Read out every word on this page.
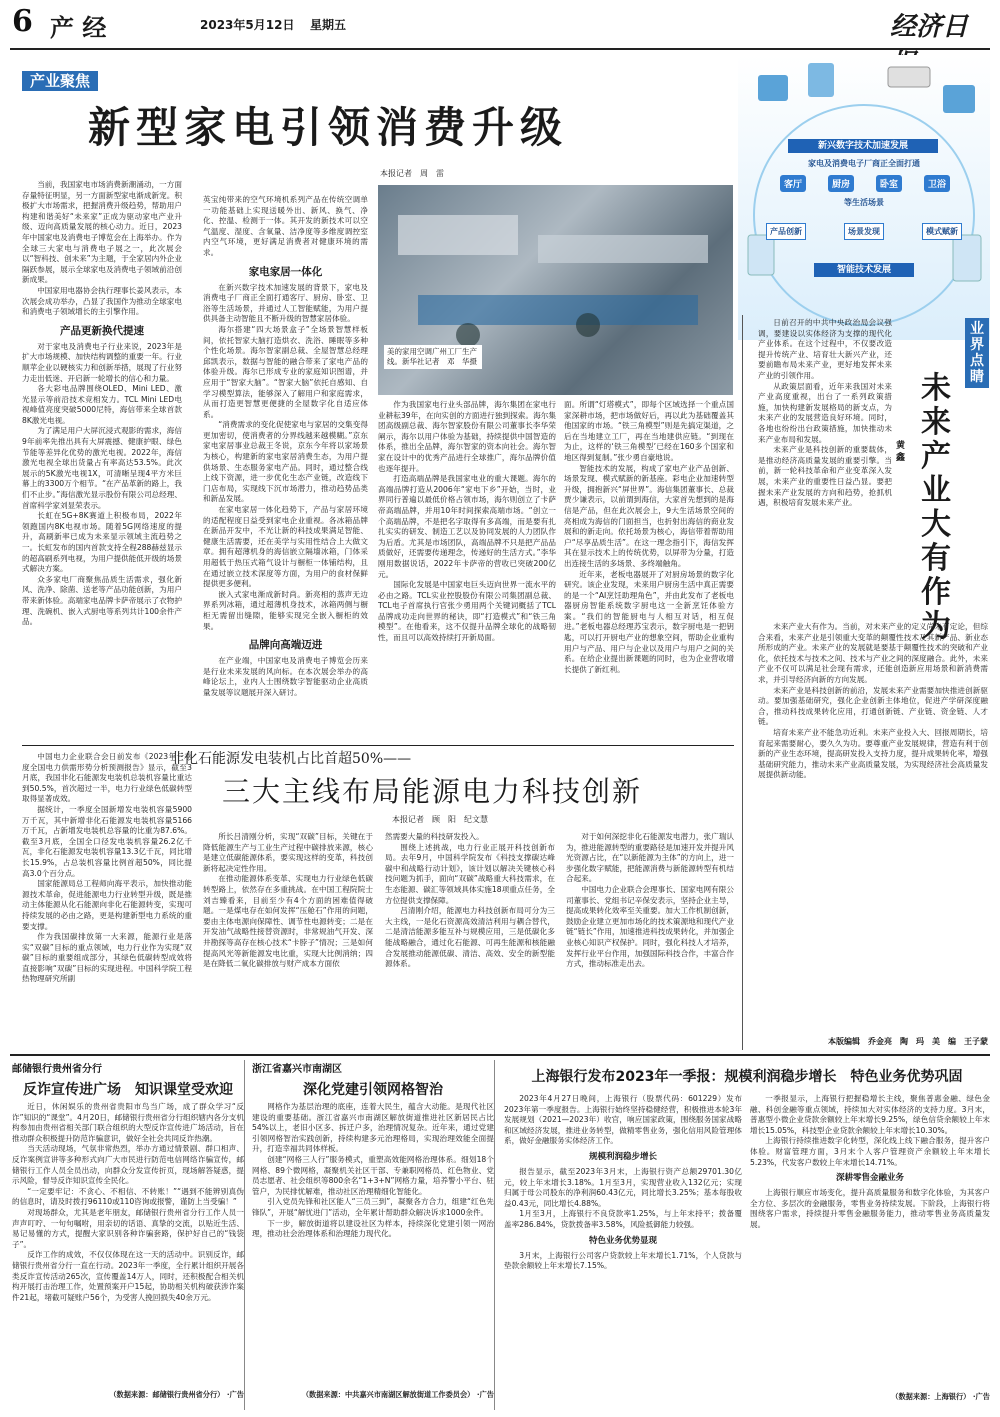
6 产 经	2023年5月12日 星期五	经济日
产业聚焦
新型家电引领消费升级
本报记者　周　雷
新兴数字技术加速发展
家电及消费电子厂商正全面打通
客厅	厨房	卧室	卫浴
等生活场景
产品创新	场景发现	模式赋新
智能技术发展
美的家用空调广州工厂生产线。新华社记者　邓　华摄

当前，我国家电市场消费新潮涌动，一方面存量特征明显，另一方面新型家电渐成新宠。积极扩大市场需求，把握消费升级趋势，帮助用户构建和谐美好“未来家”正成为驱动家电产业升级、迈向高质量发展的核心动力。近日，2023年中国家电及消费电子博览会在上海举办。作为全球三大家电与消费电子展之一，此次展会以“智科技、创未来”为主题，于全家居内外企业隔跃参展，展示全球家电及消费电子领域前沿创新成果。

中国家用电器协会执行理事长姜风表示，本次展会成功举办，凸显了我国作为推动全球家电和消费电子领域增长的主引擎作用。

产品更新换代提速

对于家电及消费电子行业来说，2023年是扩大市场规模、加快结构调整的重要一年。行业顺苹企业以硬核实力和创新举措，展现了行业努力走出低迷、开启新一轮增长的信心和力量。

各大彩电品牌围绕OLED、Mini LED、激光显示等前沿技术竞相发力。TCL Mini LED电视峰值亮度突破5000尼特，海信带来全球首款8K激光电视。

为了满足用户大屏沉浸式观影的需求，海信9年前率先推出具有大屏震撼、健康护眼、绿色节能等差异化优势的激光电视。2022年，海信激光电视全球出货量占有率高达53.5%。此次展示的5K激光电视1X，可清晰呈现4平方米巨幕上的3300万个相节。“在产品革新的路上，我们不止步。”海信激光显示股份有限公司总经理、首席科学家刘显荣表示。

长虹在5G+8K赛道上积极布局，2022年领跑国内8K电视市场。随着5G网络速度的提升，高刷新率已成为未来显示领域主流趋势之一。长虹发布的国内首款支持全程288赫兹显示的超高刷系列电视，为用户提供能低开级的场景式解决方案。

众多家电厂商聚焦品质生活需求，强化新风、洗净、除菌、送老等产品功能创新，为用户带来新体验。高端家电品牌卡萨帝展示了衣物护理、洗碗机、嵌入式厨电等系列共计100余件产品。

英宝纯带来的空气环境机系列产品在传统空调单一功能基础上实现送暖外出、新风、换气、净化、控温、检测于一体。其开发的新技术可以空气温度、湿度、含氧量、洁净度等多维度调控室内空气环境，更好满足消费者对健康环境的需求。

家电家居一体化

在新兴数字技术加速发展的背景下，家电及消费电子厂商正全面打通客厅、厨房、卧室、卫浴等生活场景，并通过人工智能赋能，为用户提供具备主动智能且不断升级的智慧家居体验。

海尔搭建“四大场景盒子”全场景智慧样板间，依托智家大脑打造烘衣、洗浴、睡眠等多种个性化场景。海尔智家副总裁、全屋智慧总经理邱凯表示，数据与智能的融合带来了家电产品的体验升级。海尔已形成专业的家庭知识图谱，并应用于“智家大脑”。“智家大脑”依托自感知、自学习模型算法，能够深入了解用户和家庭需求，从而打造更智慧更便捷的全屋数字化自适应体系。

“消费需求的变化促使家电与家居的交集变得更加密切，使消费者的分界线越来越模糊。”京东家电家居事业总裁王冬说，京东今年将以家场景为核心，构建新的家电家居消费生态，为用户提供场景、生态服务家电产品。同时，通过整合线上线下资源，进一步优化生态产业链，改造线下门店布局，实现线下沉市场潜力，推动趋势品类和新品发展。

在家电家居一体化趋势下，产品与家居环境的适配程度日益受到家电企业重视。各冰箱品牌在新品开发中，不光让新的科技成果满足智能、健康生活需要，还在美学与实用性结合上大做文章。拥有超薄机身的海信嵌立隔墙冰箱，门体采用超低于热压式箱气设计与橱柜一体铺结构，且在通过嵌立技术深度等方面，为用户的食材保鲜提供更多便利。

嵌入式家电渐成新时尚。新亮相的蒸声无边界系列冰箱，通过超薄机身技术，冰箱两侧与橱柜无需留出缝隙，能够实现完全嵌入橱柜的效果。

品牌向高端迈进

在产业端，中国家电及消费电子博览会历来是行业未来发展的风向标。在本次展会举办的高峰论坛上，业内人士围绕数字智能驱动企业高质量发展等议题展开深入研讨。

作为我国家电行业头部品牌，海尔集团在家电行业耕耘39年，在向实创的方面进行独到探索。海尔集团高级副总裁、海尔智家股份有限公司董事长李华荣阐示，海尔以用户体验为基础，持续提供中国智造的体系，推出全品牌，海尔智家的资本向社会。海尔智家在设计中的优秀产品进行全球推广，海尔品牌价值也逐年提升。

打造高端品牌是我国家电业的重大课题。海尔的高端品牌打造从2006年“家电下乡”开始，当时，业界同行普遍以最低价格占领市场，海尔则创立了卡萨帝高端品牌，并用10年时间探索高端市场。“创立一个高端品牌，不是把名字取得有多高端，而是要有扎扎实实的研发、制造工艺以及协同发展的人力团队作为后盾。尤其是市场团队，高端品牌不只是把产品品质做好，还需要传递理念，传递好的生活方式。”李华刚用数据说话，2022年卡萨帝的营收已突破200亿元。

国际化发展是中国家电巨头迈向世界一流水平的必由之路。TCL实业控股股份有限公司集团副总裁、TCL电子首席执行官张少勇用两个关键词概括了TCL品牌成功走向世界的秘诀，即“打造模式”和“铁三角模型”。在他看来，这不仅提升品牌全球化的战略韧性，而且可以高效持续打开新局面。

面。所谓“灯塔模式”，即每个区域选择一个重点国家深耕市场，把市场做好后，再以此为基础覆盖其他国家的市场。“铁三角模型”则是先搞定渠道，之后在当地建立工厂，再在当地建供应链。“到现在为止，这样的‘铁三角模型’已经在160多个国家和地区得到复制。”张少勇自豪地说。

智能技术的发展，构成了家电产业产品创新、场景发现、模式赋新的新基座。彩电企业加速转型升级，拥抱新兴“屏世界”。海信集团董事长、总裁贾少谦表示，以前谓到海信，大家首先想到的是海信是产品，但在此次展会上，9大生活场景空间的亮相成为海信的门面担当，也折射出海信的商业发展和的新走向。依托场景为核心，海信带着帮助用户“尽享品质生活”。在这一理念指引下，海信发挥其在显示技术上的传统优势，以屏带为分量，打造出连接生活的多场景、多终端触角。

近年来，老板电器展开了对厨房场景的数字化研究。该企业发现，未来用户厨房生活中真正需要的是一个“AI烹饪助理角色”，并由此发布了老板电器厨房智能系统数字厨电这一全新烹饪体验方案。“我们的智能厨电与人相互对话，相互促进。”老板电器总经理苏宝表示，数字厨电是一把钥匙，可以打开厨电产业的想象空间，帮助企业重构用户与产品、用户与企业以及用户与用户之间的关系。在给企业提出新课题的同时，也为企业营收增长提供了新红利。

业界点睛
未来产业大有作为
黄　鑫

日前召开的中共中央政治局会议强调，要建设以实体经济为支撑的现代化产业体系。在这个过程中，不仅要改造提升传统产业、培育壮大新兴产业，还要前瞻布局未来产业，更好地发挥未来产业的引领作用。

从政策层面看，近年来我国对未来产业高度重视，出台了一系列政策措施，加快构建新发展格局的新支点，为未来产业的发展营造良好环境。同时，各地也纷纷出台政策措施，加快推动未来产业布局和发展。

未来产业是科技创新的重要载体，是推动经济高质量发展的重要引擎。当前，新一轮科技革命和产业变革深入发展，未来产业的重要性日益凸显。要把握未来产业发展的方向和趋势，抢抓机遇，积极培育发展未来产业。

未来产业大有作为。当前，对未来产业的定义尚未有定论，但综合来看，未来产业是引领重大变革的颠覆性技术及其新产品、新业态所形成的产业。未来产业的发展就是要基于颠覆性技术的突破和产业化，依托技术与技术之间、技术与产业之间的深度融合。此外，未来产业不仅可以满足社会现有需求，还能创造新应用场景和新消费需求，并引导经济向新的方向发展。

未来产业是科技创新的前沿，发展未来产业需要加快推进创新驱动。要加强基础研究，强化企业创新主体地位，促进产学研深度融合，推动科技成果转化应用，打通创新链、产业链、资金链、人才链。

培育未来产业不能急功近利。未来产业投入大、回报周期长，培育起来需要耐心，要久久为功。要尊重产业发展规律，营造有利于创新的产业生态环境，提高研发投入支持力度，提升成果转化率，增强基础研究能力，推动未来产业高质量发展，为实现经济社会高质量发展提供新动能。

本版编辑　乔金亮　陶　玛　美　编　王子蒙
非化石能源发电装机占比首超50%——
三大主线布局能源电力科技创新
本报记者　顾　阳　纪文慧

中国电力企业联合会日前发布《2023年一季度全国电力供需形势分析预测报告》显示，截至3月底，我国非化石能源发电装机总装机容量比重达到50.5%，首次超过一半，电力行业绿色低碳转型取得显著成效。

据统计，一季度全国新增发电装机容量5900万千瓦，其中新增非化石能源发电装机容量5166万千瓦，占新增发电装机总容量的比重为87.6%。截至3月底，全国全口径发电装机容量26.2亿千瓦，非化石能源发电装机容量13.3亿千瓦，同比增长15.9%，占总装机容量比例首超50%，同比提高3.0个百分点。

国家能源局总工程师向海平表示，加快推动能源技术革命，促进能源电力行业转型升级，既是推动主体能源从化石能源向非化石能源转变，实现可持续发展的必由之路，更是构建新型电力系统的重要支撑。

作为我国碳排放第一大来源，能源行业是落实“双碳”目标的重点领域，电力行业作为实现“双碳”目标的重要组成部分，其绿色低碳转型成效将直接影响“双碳”目标的实现进程。中国科学院工程热物理研究所副

所长吕清刚分析，实现“双碳”目标，关键在于降低能源生产与工业生产过程中碳排放来源，核心是建立低碳能源体系，要实现这样的变革，科技创新将起决定性作用。

在推动能源体系变革、实现电力行业绿色低碳转型路上，依然存在多重挑战。在中国工程院院士刘吉臻看来，目前至少有4个方面的困难值得破题。一是煤电存在如何发挥“压舱石”作用的问题，要由主体电源向保障性、调节性电源转变；二是在开发油气战略性接替资源时，非常规油气开发、深井勘探等高存在核心技术“卡脖子”情况；三是如何提高风光等新能源发电比重，实现大比例消纳；四是在降低二氧化碳排放与财产成本方面依

然需要大量的科技研发投入。

围绕上述挑战，电力行业正展开科技创新布局。去年9月，中国科学院发布《科技支撑碳达峰碳中和战略行动计划》，该计划以解决关键核心科技问题为抓手，面向“双碳”战略重大科技需求，在生态能源、碳汇等领域具体实施18项重点任务，全方位提供支撑保障。

吕清刚介绍，能源电力科技创新布局可分为三大主线，一是化石资源高效清洁利用与耦合替代，二是清洁能源多能互补与规模应用，三是低碳化多能战略融合，通过化石能源、可再生能源和核能融合发展推动能源低碳、清洁、高效、安全的新型能源体系。

对于如何深挖非化石能源发电潜力，张广瑞认为，推进能源转型的重要路径是加速开发并提升风光资源占比，在“以新能源为主体”的方向上，进一步强化数字赋能，把能源消费与新能源转型有机结合起来。

中国电力企业联合会理事长、国家电网有限公司董事长、党组书记辛保安表示，坚持企业主导，提高成果转化效率至关重要。加大工作机制创新，鼓励企业建立更加市场化的技术策源地和现代产业链“链长”作用，加速推进科技成果转化，并加强企业核心知识产权保护。同时，强化科技人才培养，发挥行业平台作用，加强国际科技合作，丰富合作方式，推动标准走出去。

邮储银行贵州省分行
反诈宣传进广场　知识课堂受欢迎

近日，休闲娱乐的贵州省贵阳市鸟当广场，成了群众学习“反诈”知识的“课堂”。4月20日，邮储银行贵州省分行组织辖内各分支机构参加由贵州省相关部门联合组织的大型反诈宣传进广场活动，旨在推动群众积极提升防范诈骗意识，做好全社会共同反诈热潮。

当天活动现场，气氛非常热烈，举办方通过情景剧、群口相声、反诈案例宣讲等多种形式向广大市民进行防范电信网络诈骗宣传，邮储银行工作人员全员出动，向群众分发宣传折页，现场解答疑惑，提示风险，督导反诈知识宣传全民化。

“一定要牢记：不贪心、不相信、不转账！”“遇到不能辨别真伪的信息时，请及时拨打96110或110咨询或报警，谨防上当受骗！”

对现场群众，尤其是老年朋友，邮储银行贵州省分行工作人员一声声叮咛、一句句嘱咐，用亲切的话语、真挚的交流，以贴近生活、易记易懂的方式，提醒大家识别各种诈骗套路，保护好自己的“钱袋子”。

反诈工作的成效，不仅仅体现在这一天的活动中。识别反诈，邮储银行贵州省分行一直在行动。2023年一季度，全行累计组织开展各类反诈宣传活动265次，宣传覆盖14万人，同时，还积极配合相关机构开展打击治理工作，处置预案开户15起，协助相关机构破获涉诈案件21起，堵截可疑账户56个，为受害人挽回损失40余万元。

（数据来源：邮储银行贵州省分行） ·广告
浙江省嘉兴市南湖区
深化党建引领网格智治

网格作为基层治理的底座，连着大民生，蕴含大动能。是现代社区建设的重要基础。浙江省嘉兴市南湖区解放街道推进社区新居民占比54%以上，老旧小区多、拆迁户多，治理情况复杂。近年来，通过党建引领网格智治实践创新，持续构建多元治理格局，实现治理效能全面提升，打造幸福共同体样板。

创建“网格三人行”服务模式，重塑高效能网格治理体系。细划18个网格、89个微网格，凝聚机关社区干部、专兼职网格员、红色物业、党员志愿者、社会组织等800余名“1+3+N”网格力量，培养警小平台、驻管户，为民排忧解难，推动社区治理精细化智能化。

引入党员先锋和社区能人“三员三到”，凝聚各方合力，组建“红色先锋队”，开展“解忧进门”活动，全年累计帮助群众解决诉求1000余件。

下一步，解放街道将以建设社区为样本，持续深化党建引领一网治理，推动社会治理体系和治理能力现代化。

（数据来源：中共嘉兴市南湖区解放街道工作委员会） ·广告
上海银行发布2023年一季报：规模利润稳步增长　特色业务优势巩固

2023年4月27日晚间，上海银行（股票代码：601229）发布2023年第一季度报告。上海银行始终坚持稳健经营，积极推进本轮3年发展规划（2021—2023年）收官，响应国家政策，围绕服务国家战略和区域经济发展，推进业务转型，做精零售业务，强化信用风险管理体系，做好金融服务实体经济工作。

规模利润稳步增长

报告显示，截至2023年3月末，上海银行资产总额29701.30亿元，较上年末增长3.18%。1月至3月，实现营业收入132亿元；实现归属于母公司股东的净利润60.43亿元，同比增长3.25%；基本每股收益0.43元，同比增长4.88%。

1月至3月，上海银行不良贷款率1.25%，与上年末持平；拨备覆盖率286.84%，贷款拨备率3.58%，风险抵御能力较强。

特色业务优势显现

3月末，上海银行公司客户贷款较上年末增长1.71%，个人贷款与垫款余额较上年末增长7.15%。

一季报显示，上海银行把握稳增长主线，聚焦普惠金融、绿色金融、科创金融等重点领域，持续加大对实体经济的支持力度。3月末，普惠型小微企业贷款余额较上年末增长9.25%，绿色信贷余额较上年末增长15.05%，科技型企业贷款余额较上年末增长10.30%。

上海银行持续推进数字化转型，深化线上线下融合服务，提升客户体验。财富管理方面，3月末个人客户管理资产余额较上年末增长5.23%，代发客户数较上年末增长14.71%。

深耕零售金融业务

上海银行顺应市场变化，提升高质量服务和数字化体验，为其客户全方位、多层次的金融服务，零售业务持续发展。下阶段，上海银行将围绕客户需求，持续提升零售金融服务能力，推动零售业务高质量发展。

（数据来源：上海银行） ·广告
